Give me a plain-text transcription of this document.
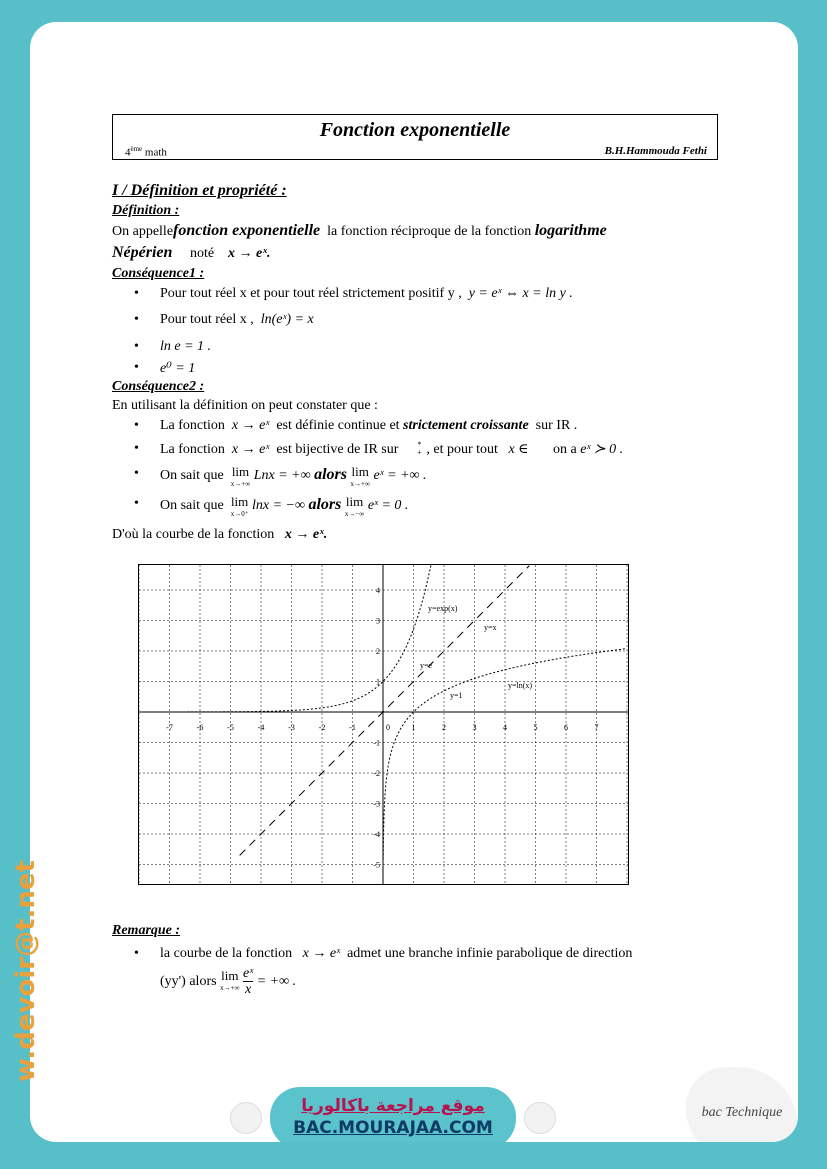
Fonction exponentielle
4ème math	B.H.Hammouda Fethi
I / Définition et propriété :
Définition :
On appellefonction exponentielle la fonction réciproque de la fonction logarithme
Népérien noté x → eˣ.
Conséquence1 :
• Pour tout réel x et pour tout réel strictement positif y , y = eˣ ⇔ x = ln y .
• Pour tout réel x , ln(eˣ) = x
• ln e = 1 .
• e⁰ = 1
Conséquence2 :
En utilisant la définition on peut constater que :
• La fonction x → eˣ est définie continue et strictement croissante sur IR .
• La fonction x → eˣ est bijective de IR sur *
+ , et pour tout x ∈ on a eˣ ≻ 0 .
• On sait que lim
x→+∞
Lnx = +∞ alors lim
x→+∞
eˣ = +∞ .
• On sait que lim
x→0⁺
lnx = −∞ alors lim
x→−∞
eˣ = 0 .
D'où la courbe de la fonction x → eˣ.
-7	-6	-5	-4	-3	-2	-1	0	1	2	3	4	5	6	7
4
3
2
1
-1
-2
-3
-4
-5
y=exp(x)
y=x
y=e
y=ln(x)
y=1
Remarque :
• la courbe de la fonction x → eˣ admet une branche infinie parabolique de direction
(yy') alors lim
x→+∞
$\frac{\text{eˣ}}{x}$ = +∞ .
موقع مراجعة باكالوريا
BAC.MOURAJAA.COM
bac Technique
w.devoir@t.net
